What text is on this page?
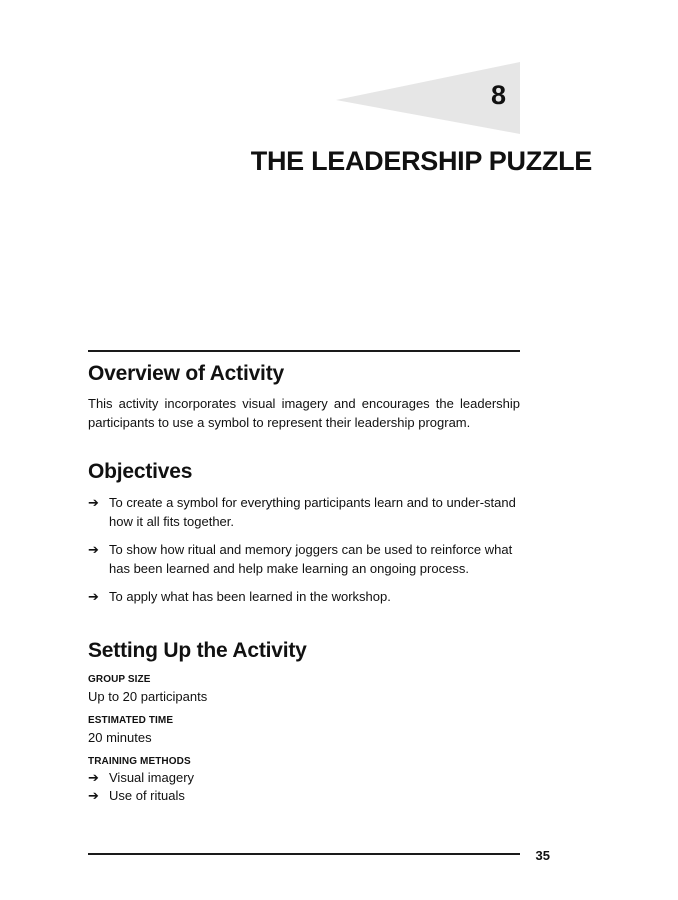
8
THE LEADERSHIP PUZZLE
Overview of Activity

This activity incorporates visual imagery and encourages the leadership participants to use a symbol to represent their leadership program.

Objectives
➔ To create a symbol for everything participants learn and to under-stand how it all fits together.
➔ To show how ritual and memory joggers can be used to reinforce what has been learned and help make learning an ongoing process.
➔ To apply what has been learned in the workshop.
Setting Up the Activity

GROUP SIZE

Up to 20 participants

ESTIMATED TIME

20 minutes

TRAINING METHODS

➔ Visual imagery
➔ Use of rituals
35
